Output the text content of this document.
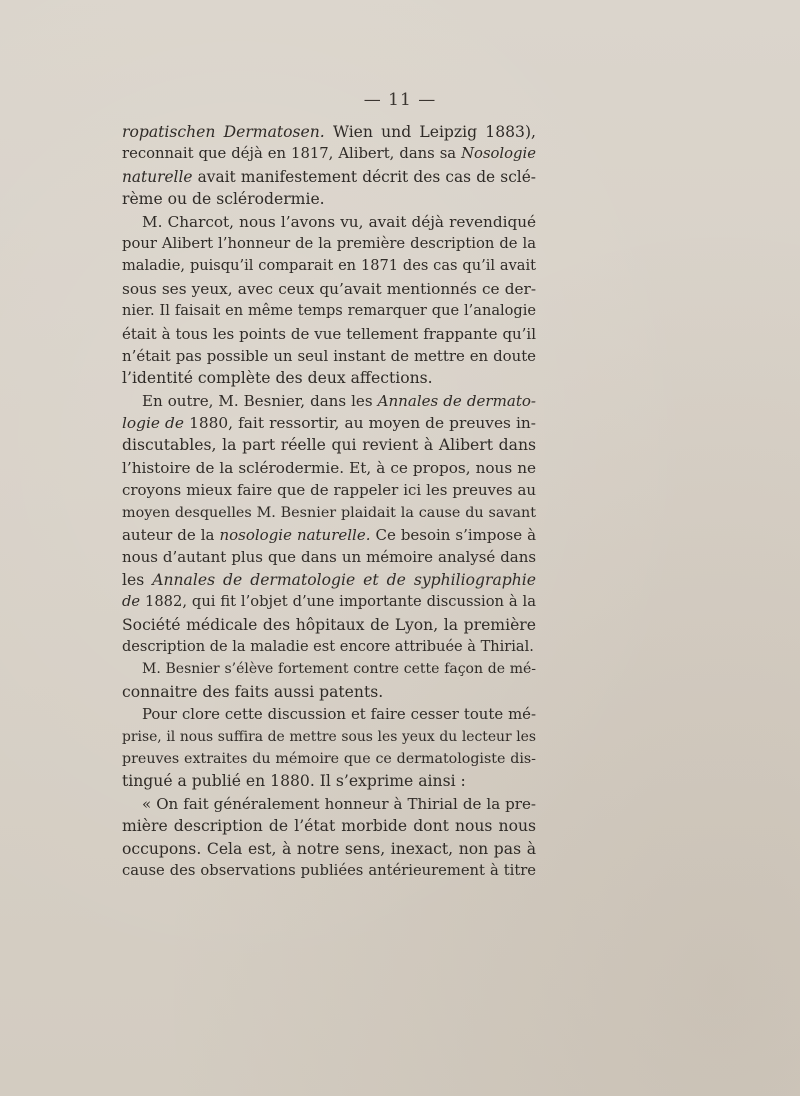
— 11 —
ropatischen Dermatosen. Wien und Leipzig 1883),
reconnait que déjà en 1817, Alibert, dans sa Nosologie
naturelle avait manifestement décrit des cas de sclé-
rème ou de sclérodermie.
M. Charcot, nous l’avons vu, avait déjà revendiqué
pour Alibert l’honneur de la première description de la
maladie, puisqu’il comparait en 1871 des cas qu’il avait
sous ses yeux, avec ceux qu’avait mentionnés ce der-
nier. Il faisait en même temps remarquer que l’analogie
était à tous les points de vue tellement frappante qu’il
n’était pas possible un seul instant de mettre en doute
l’identité complète des deux affections.
En outre, M. Besnier, dans les Annales de dermato-
logie de 1880, fait ressortir, au moyen de preuves in-
discutables, la part réelle qui revient à Alibert dans
l’histoire de la sclérodermie. Et, à ce propos, nous ne
croyons mieux faire que de rappeler ici les preuves au
moyen desquelles M. Besnier plaidait la cause du savant
auteur de la nosologie naturelle. Ce besoin s’impose à
nous d’autant plus que dans un mémoire analysé dans
les Annales de dermatologie et de syphiliographie
de 1882, qui fit l’objet d’une importante discussion à la
Société médicale des hôpitaux de Lyon, la première
description de la maladie est encore attribuée à Thirial.
M. Besnier s’élève fortement contre cette façon de mé-
connaitre des faits aussi patents.
Pour clore cette discussion et faire cesser toute mé-
prise, il nous suffira de mettre sous les yeux du lecteur les
preuves extraites du mémoire que ce dermatologiste dis-
tingué a publié en 1880. Il s’exprime ainsi :
« On fait généralement honneur à Thirial de la pre-
mière description de l’état morbide dont nous nous
occupons. Cela est, à notre sens, inexact, non pas à
cause des observations publiées antérieurement à titre
